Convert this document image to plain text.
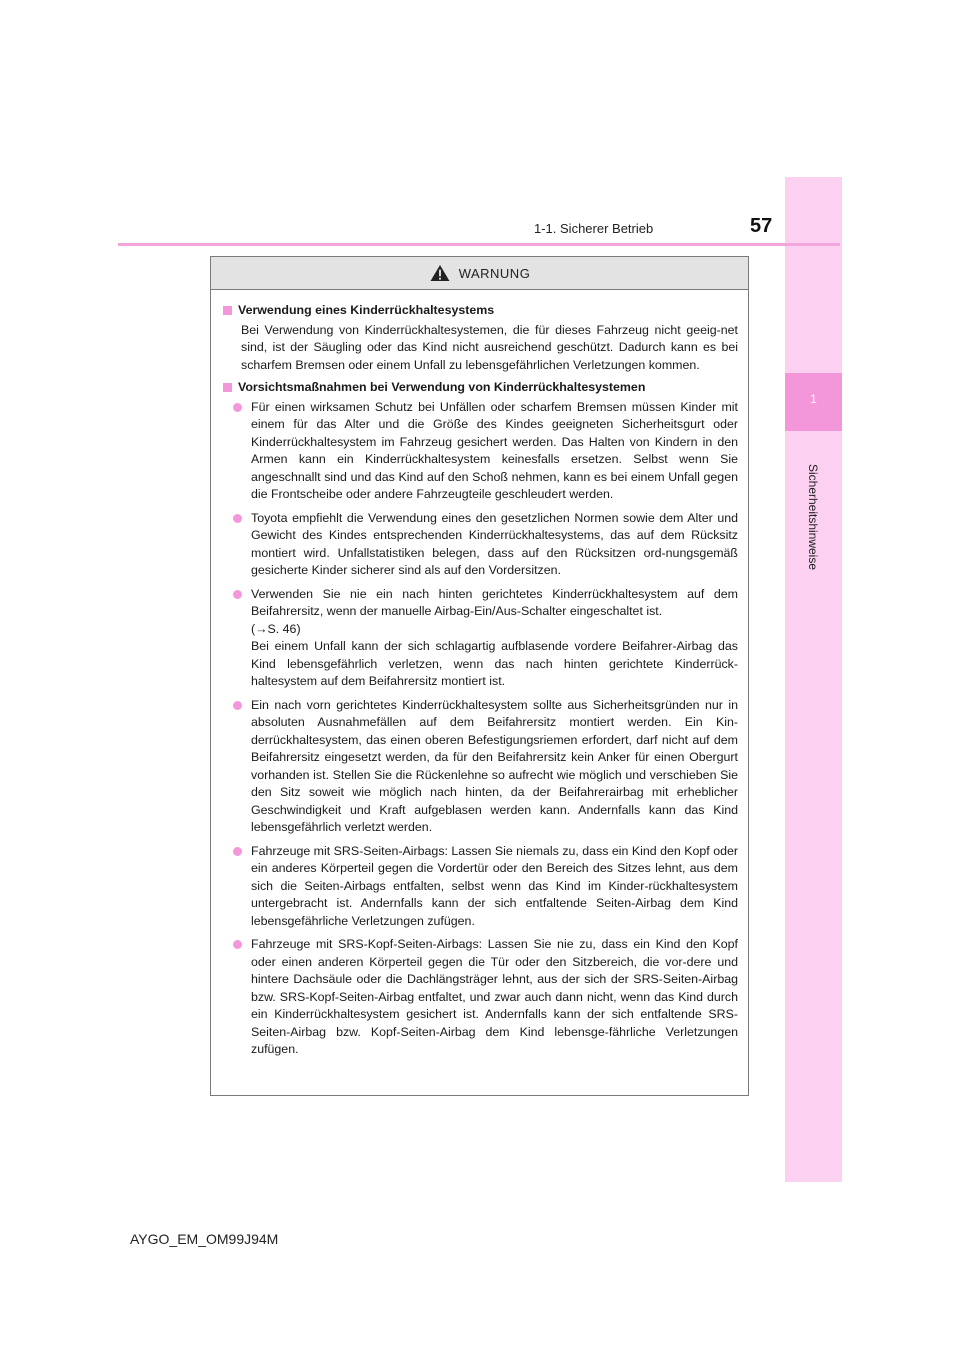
1
Sicherheitshinweise
1-1. Sicherer Betrieb	57
WARNUNG
Verwendung eines Kinderrückhaltesystems
Bei Verwendung von Kinderrückhaltesystemen, die für dieses Fahrzeug nicht geeig-net sind, ist der Säugling oder das Kind nicht ausreichend geschützt. Dadurch kann es bei scharfem Bremsen oder einem Unfall zu lebensgefährlichen Verletzungen kommen.
Vorsichtsmaßnahmen bei Verwendung von Kinderrückhaltesystemen
Für einen wirksamen Schutz bei Unfällen oder scharfem Bremsen müssen Kinder mit einem für das Alter und die Größe des Kindes geeigneten Sicherheitsgurt oder Kinderrückhaltesystem im Fahrzeug gesichert werden. Das Halten von Kindern in den Armen kann ein Kinderrückhaltesystem keinesfalls ersetzen. Selbst wenn Sie angeschnallt sind und das Kind auf den Schoß nehmen, kann es bei einem Unfall gegen die Frontscheibe oder andere Fahrzeugteile geschleudert werden.
Toyota empfiehlt die Verwendung eines den gesetzlichen Normen sowie dem Alter und Gewicht des Kindes entsprechenden Kinderrückhaltesystems, das auf dem Rücksitz montiert wird. Unfallstatistiken belegen, dass auf den Rücksitzen ord-nungsgemäß gesicherte Kinder sicherer sind als auf den Vordersitzen.
Verwenden Sie nie ein nach hinten gerichtetes Kinderrückhaltesystem auf dem Beifahrersitz, wenn der manuelle Airbag-Ein/Aus-Schalter eingeschaltet ist.
(→S. 46)
Bei einem Unfall kann der sich schlagartig aufblasende vordere Beifahrer-Airbag das Kind lebensgefährlich verletzen, wenn das nach hinten gerichtete Kinderrück-haltesystem auf dem Beifahrersitz montiert ist.
Ein nach vorn gerichtetes Kinderrückhaltesystem sollte aus Sicherheitsgründen nur in absoluten Ausnahmefällen auf dem Beifahrersitz montiert werden. Ein Kin-derrückhaltesystem, das einen oberen Befestigungsriemen erfordert, darf nicht auf dem Beifahrersitz eingesetzt werden, da für den Beifahrersitz kein Anker für einen Obergurt vorhanden ist. Stellen Sie die Rückenlehne so aufrecht wie möglich und verschieben Sie den Sitz soweit wie möglich nach hinten, da der Beifahrerairbag mit erheblicher Geschwindigkeit und Kraft aufgeblasen werden kann. Andernfalls kann das Kind lebensgefährlich verletzt werden.
Fahrzeuge mit SRS-Seiten-Airbags: Lassen Sie niemals zu, dass ein Kind den Kopf oder ein anderes Körperteil gegen die Vordertür oder den Bereich des Sitzes lehnt, aus dem sich die Seiten-Airbags entfalten, selbst wenn das Kind im Kinder-rückhaltesystem untergebracht ist. Andernfalls kann der sich entfaltende Seiten-Airbag dem Kind lebensgefährliche Verletzungen zufügen.
Fahrzeuge mit SRS-Kopf-Seiten-Airbags: Lassen Sie nie zu, dass ein Kind den Kopf oder einen anderen Körperteil gegen die Tür oder den Sitzbereich, die vor-dere und hintere Dachsäule oder die Dachlängsträger lehnt, aus der sich der SRS-Seiten-Airbag bzw. SRS-Kopf-Seiten-Airbag entfaltet, und zwar auch dann nicht, wenn das Kind durch ein Kinderrückhaltesystem gesichert ist. Andernfalls kann der sich entfaltende SRS-Seiten-Airbag bzw. Kopf-Seiten-Airbag dem Kind lebensge-fährliche Verletzungen zufügen.
AYGO_EM_OM99J94M
